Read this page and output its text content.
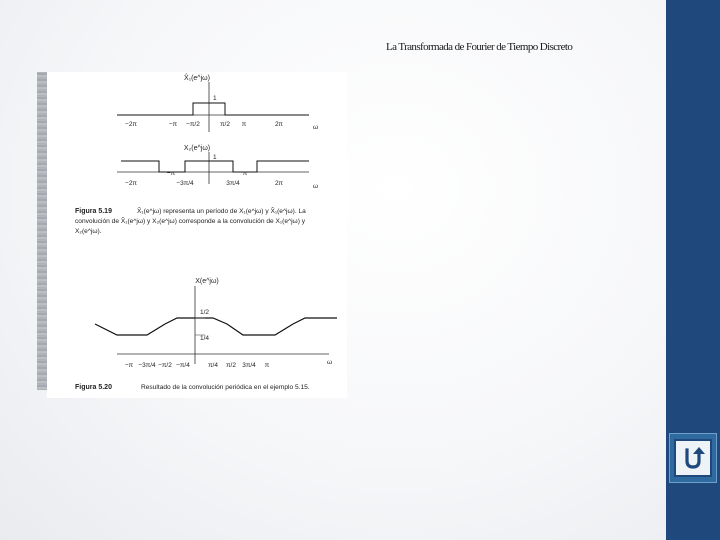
La Transformada de Fourier de Tiempo Discreto
X̂₁(e^jω)
1
−2π	−π −π/2	π/2 π	2π	ω
X₂(e^jω)
1
−2π
−π
−3π/4	3π/4
π
2π	ω
Figura 5.19	X̂₁(e^jω) representa un período de X₁(e^jω) y X̂₁(e^jω). La
convolución de X̂₁(e^jω) y X₂(e^jω) corresponde a la convolución de X₁(e^jω) y
X₂(e^jω).
X(e^jω)
1/2
1/4
−π −3π/4 −π/2 −π/4	π/4 π/2 3π/4 π	ω
Figura 5.20	Resultado de la convolución periódica en el ejemplo 5.15.
